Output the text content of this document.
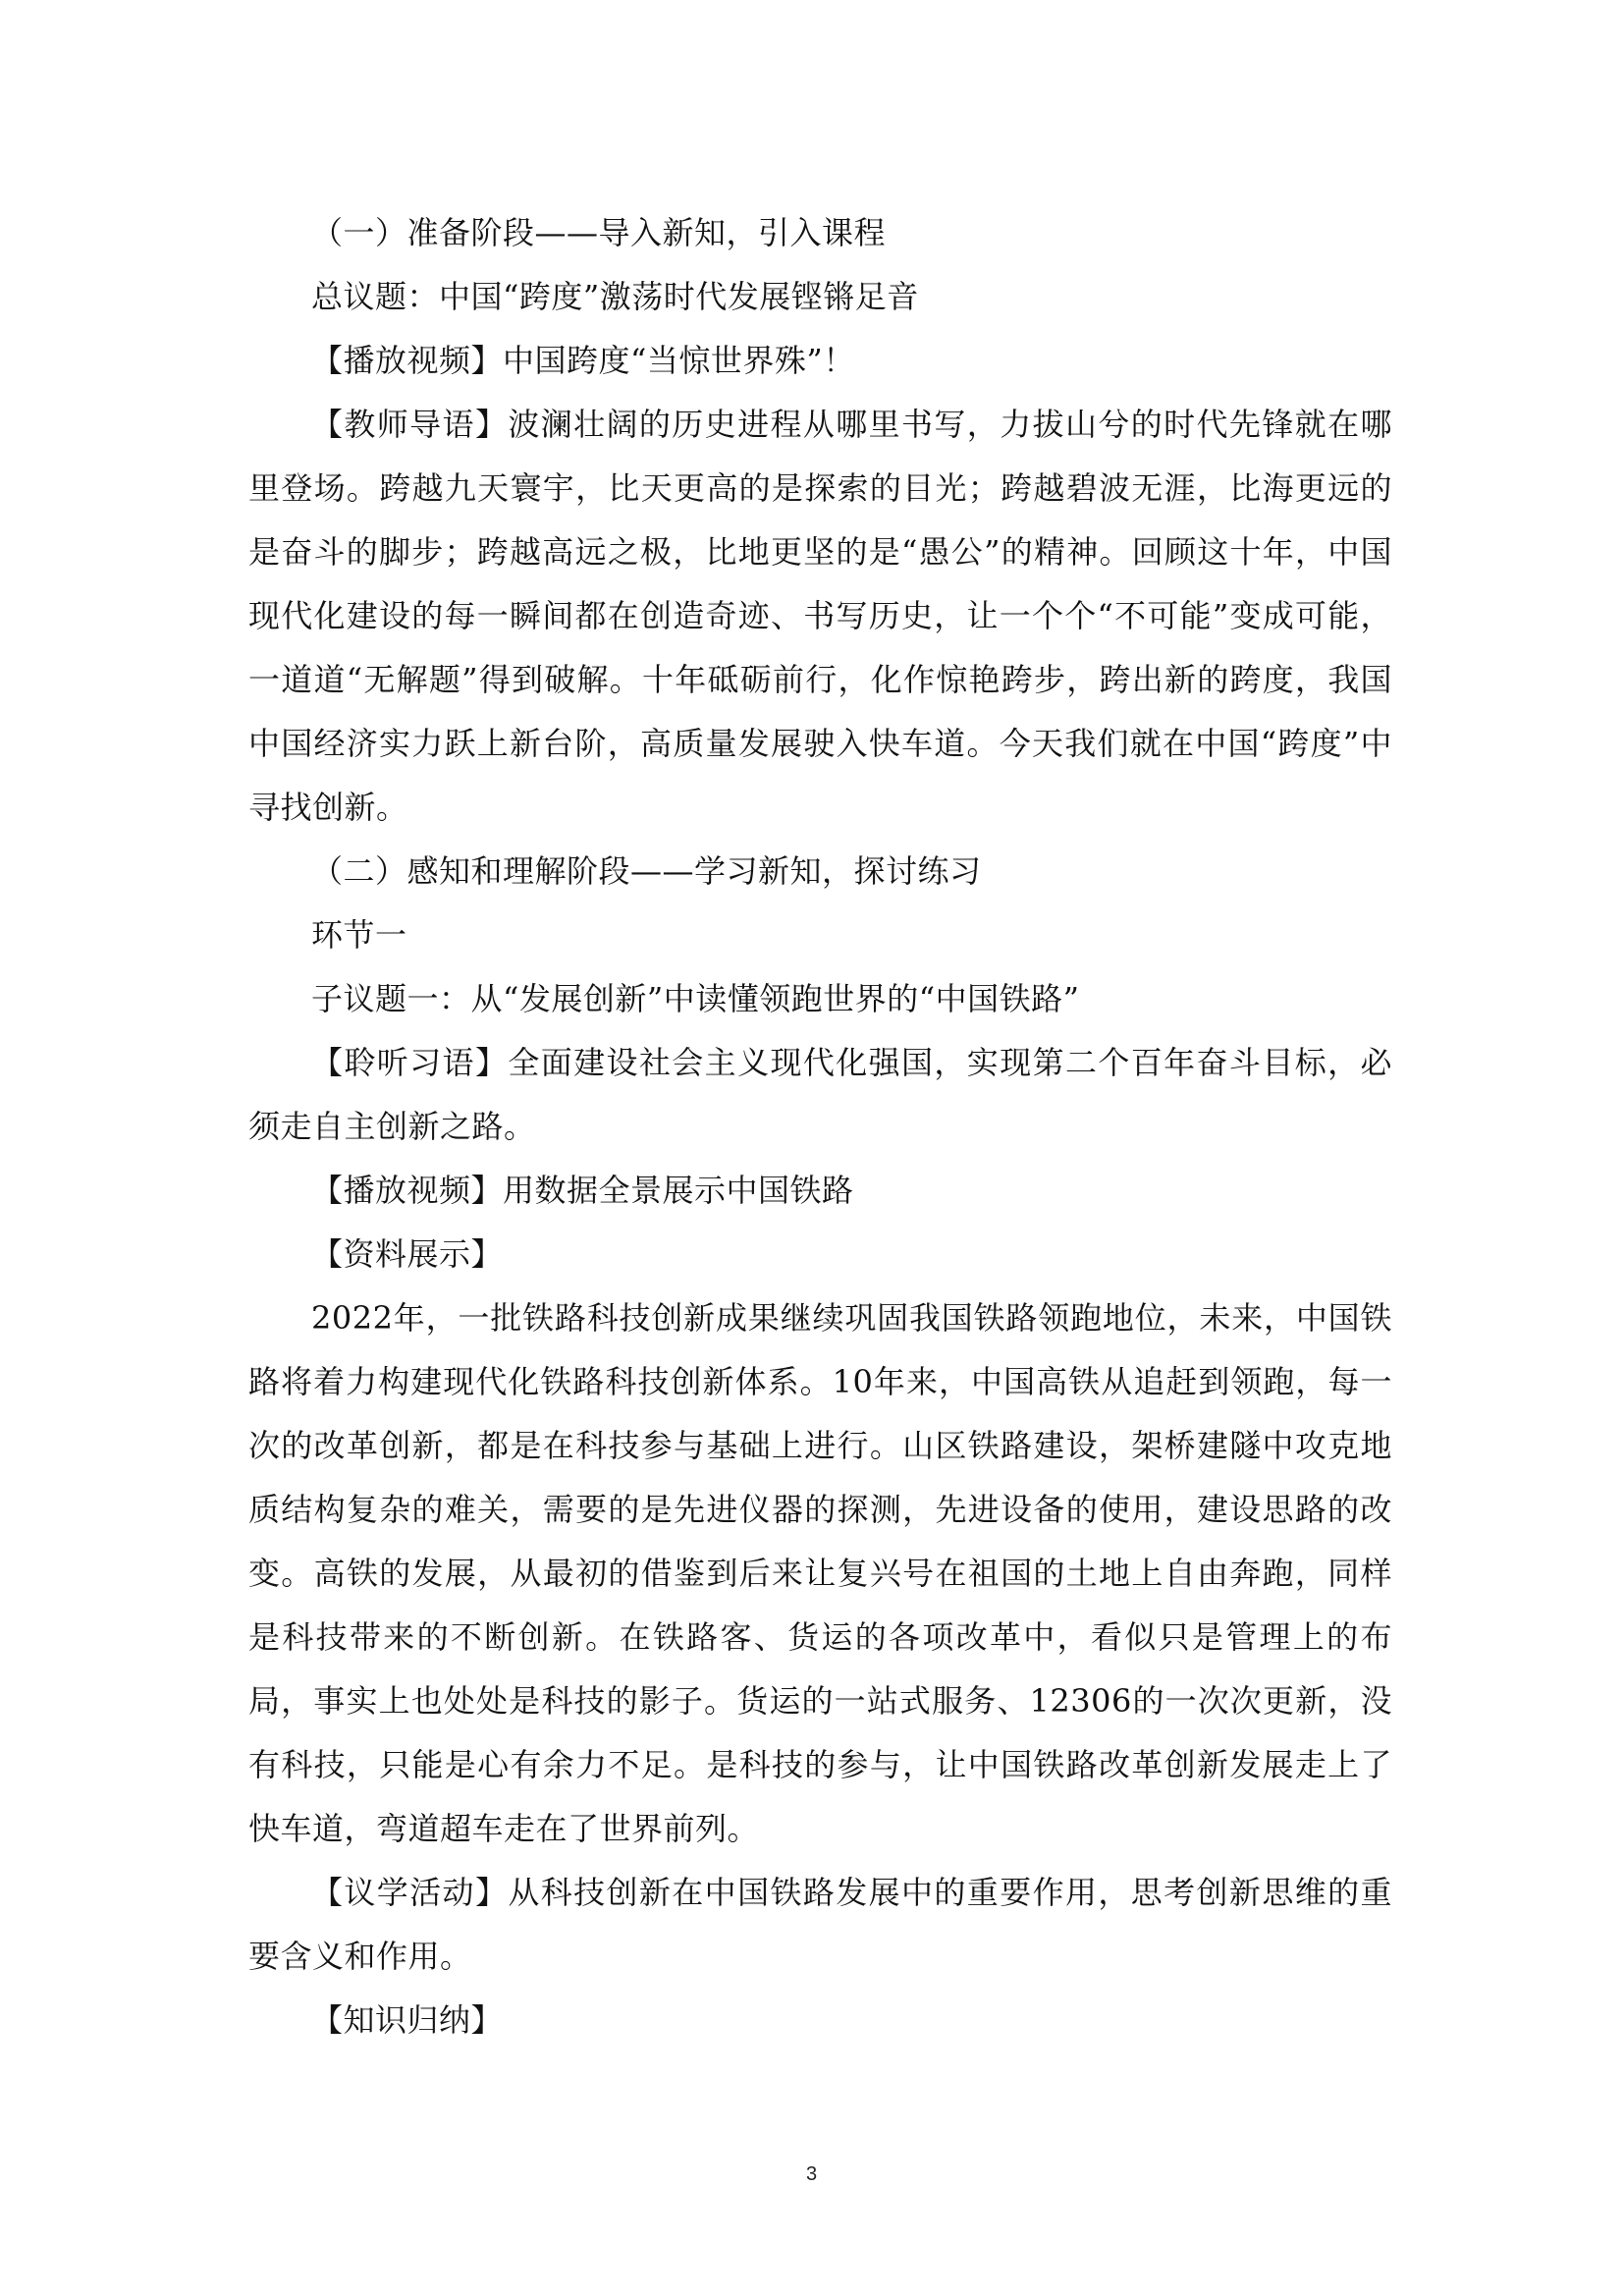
（一）准备阶段——导入新知，引入课程

总议题：中国“跨度”激荡时代发展铿锵足音

【播放视频】中国跨度“当惊世界殊”！

【教师导语】波澜壮阔的历史进程从哪里书写，力拔山兮的时代先锋就在哪里登场。跨越九天寰宇，比天更高的是探索的目光；跨越碧波无涯，比海更远的是奋斗的脚步；跨越高远之极，比地更坚的是“愚公”的精神。回顾这十年，中国现代化建设的每一瞬间都在创造奇迹、书写历史，让一个个“不可能”变成可能，一道道“无解题”得到破解。十年砥砺前行，化作惊艳跨步，跨出新的跨度，我国中国经济实力跃上新台阶，高质量发展驶入快车道。今天我们就在中国“跨度”中寻找创新。

（二）感知和理解阶段——学习新知，探讨练习

环节一

子议题一：从“发展创新”中读懂领跑世界的“中国铁路”

【聆听习语】全面建设社会主义现代化强国，实现第二个百年奋斗目标，必须走自主创新之路。

【播放视频】用数据全景展示中国铁路

【资料展示】

2022年，一批铁路科技创新成果继续巩固我国铁路领跑地位，未来，中国铁路将着力构建现代化铁路科技创新体系。10年来，中国高铁从追赶到领跑，每一次的改革创新，都是在科技参与基础上进行。山区铁路建设，架桥建隧中攻克地质结构复杂的难关，需要的是先进仪器的探测，先进设备的使用，建设思路的改变。高铁的发展，从最初的借鉴到后来让复兴号在祖国的土地上自由奔跑，同样是科技带来的不断创新。在铁路客、货运的各项改革中，看似只是管理上的布局，事实上也处处是科技的影子。货运的一站式服务、12306的一次次更新，没有科技，只能是心有余力不足。是科技的参与，让中国铁路改革创新发展走上了快车道，弯道超车走在了世界前列。

【议学活动】从科技创新在中国铁路发展中的重要作用，思考创新思维的重要含义和作用。

【知识归纳】

3
